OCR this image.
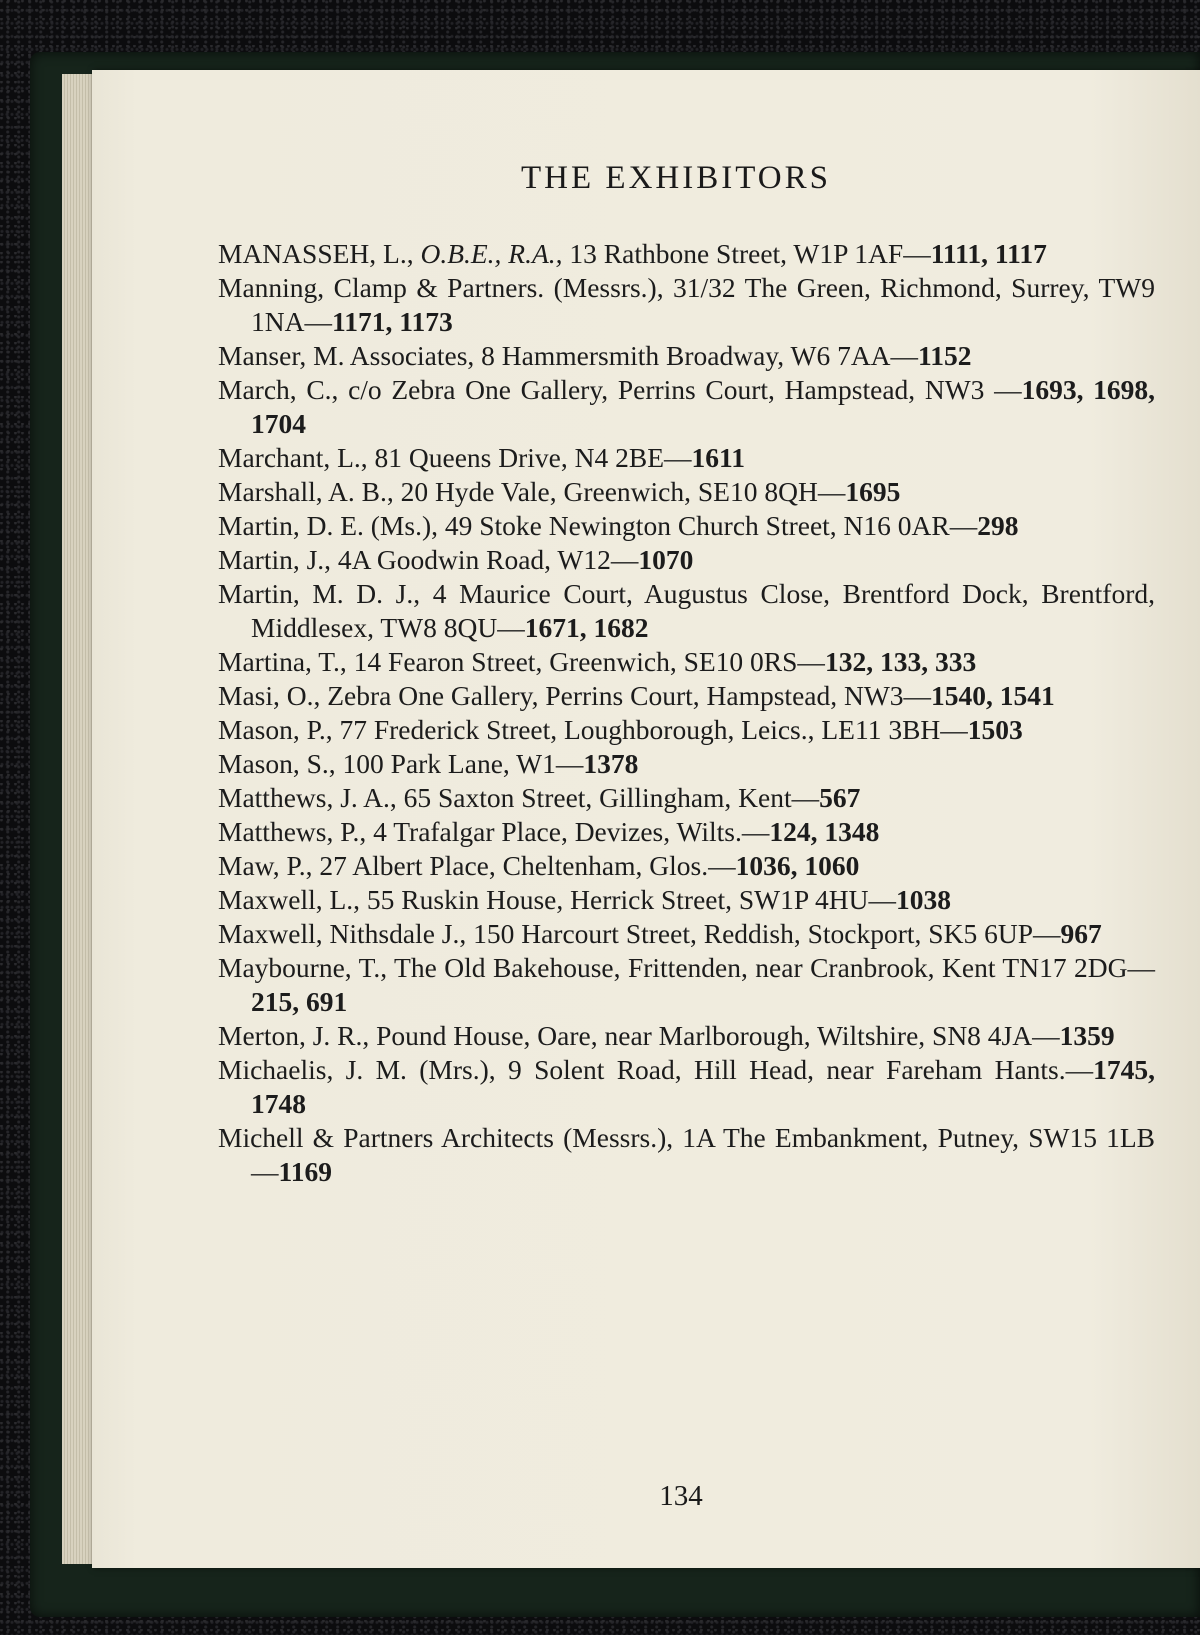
THE EXHIBITORS

MANASSEH, L., O.B.E., R.A., 13 Rathbone Street, W1P 1AF—1111, 1117

Manning, Clamp & Partners. (Messrs.), 31/32 The Green, Richmond, Surrey, TW9 1NA—1171, 1173

Manser, M. Associates, 8 Hammersmith Broadway, W6 7AA—1152

March, C., c/o Zebra One Gallery, Perrins Court, Hampstead, NW3 —1693, 1698, 1704

Marchant, L., 81 Queens Drive, N4 2BE—1611

Marshall, A. B., 20 Hyde Vale, Greenwich, SE10 8QH—1695

Martin, D. E. (Ms.), 49 Stoke Newington Church Street, N16 0AR—298

Martin, J., 4A Goodwin Road, W12—1070

Martin, M. D. J., 4 Maurice Court, Augustus Close, Brentford Dock, Brentford, Middlesex, TW8 8QU—1671, 1682

Martina, T., 14 Fearon Street, Greenwich, SE10 0RS—132, 133, 333

Masi, O., Zebra One Gallery, Perrins Court, Hampstead, NW3—1540, 1541

Mason, P., 77 Frederick Street, Loughborough, Leics., LE11 3BH—1503

Mason, S., 100 Park Lane, W1—1378

Matthews, J. A., 65 Saxton Street, Gillingham, Kent—567

Matthews, P., 4 Trafalgar Place, Devizes, Wilts.—124, 1348

Maw, P., 27 Albert Place, Cheltenham, Glos.—1036, 1060

Maxwell, L., 55 Ruskin House, Herrick Street, SW1P 4HU—1038

Maxwell, Nithsdale J., 150 Harcourt Street, Reddish, Stockport, SK5 6UP—967

Maybourne, T., The Old Bakehouse, Frittenden, near Cranbrook, Kent TN17 2DG—215, 691

Merton, J. R., Pound House, Oare, near Marlborough, Wiltshire, SN8 4JA—1359

Michaelis, J. M. (Mrs.), 9 Solent Road, Hill Head, near Fareham Hants.—1745, 1748

Michell & Partners Architects (Messrs.), 1A The Embankment, Putney, SW15 1LB—1169

134
